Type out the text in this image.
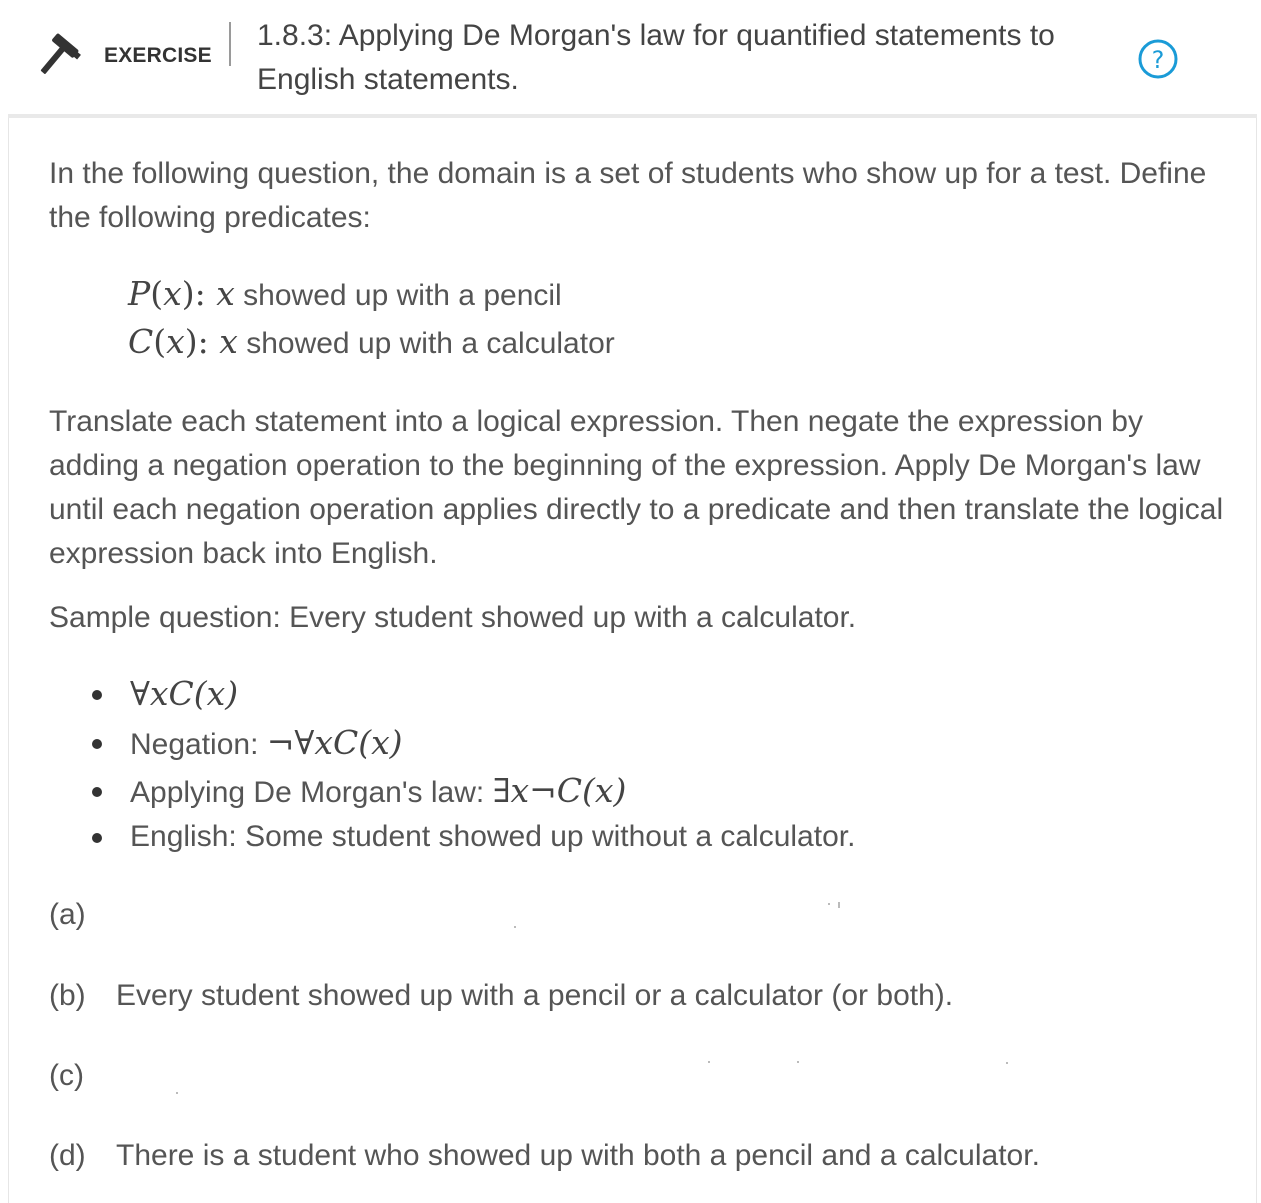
EXERCISE
1.8.3: Applying De Morgan's law for quantified statements to English statements.
?

In the following question, the domain is a set of students who show up for a test. Define the following predicates:

P(x): x showed up with a pencil
C(x): x showed up with a calculator

Translate each statement into a logical expression. Then negate the expression by adding a negation operation to the beginning of the expression. Apply De Morgan's law until each negation operation applies directly to a predicate and then translate the logical expression back into English.

Sample question: Every student showed up with a calculator.

∀xC(x)
Negation: ¬∀xC(x)
Applying De Morgan's law: ∃x¬C(x)
English: Some student showed up without a calculator.
(a)
(b) Every student showed up with a pencil or a calculator (or both).
(c)
(d) There is a student who showed up with both a pencil and a calculator.
